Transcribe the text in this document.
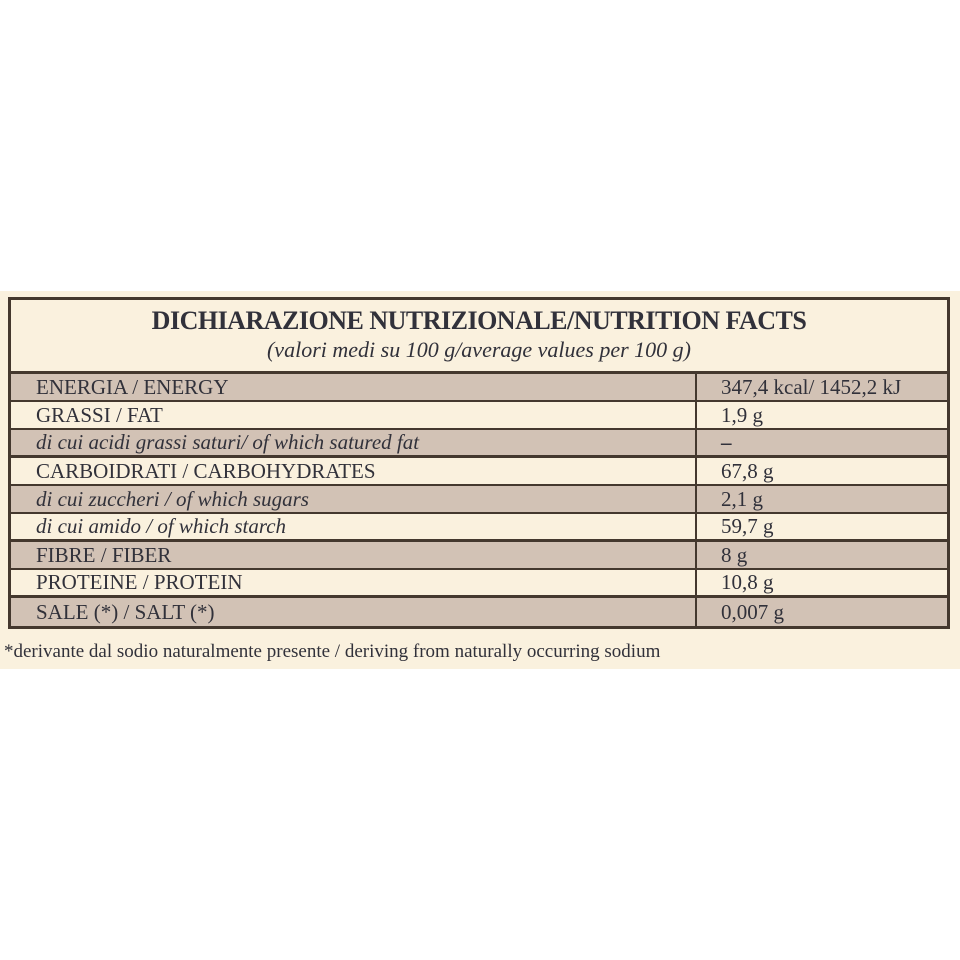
DICHIARAZIONE NUTRIZIONALE/NUTRITION FACTS
(valori medi su 100 g/average values per 100 g)
ENERGIA / ENERGY	347,4 kcal/ 1452,2 kJ
GRASSI / FAT	1,9 g
di cui acidi grassi saturi/ of which satured fat	–
CARBOIDRATI / CARBOHYDRATES	67,8 g
di cui zuccheri / of which sugars	2,1 g
di cui amido / of which starch	59,7 g
FIBRE / FIBER	8 g
PROTEINE / PROTEIN	10,8 g
SALE (*) / SALT (*)	0,007 g
*derivante dal sodio naturalmente presente / deriving from naturally occurring sodium
